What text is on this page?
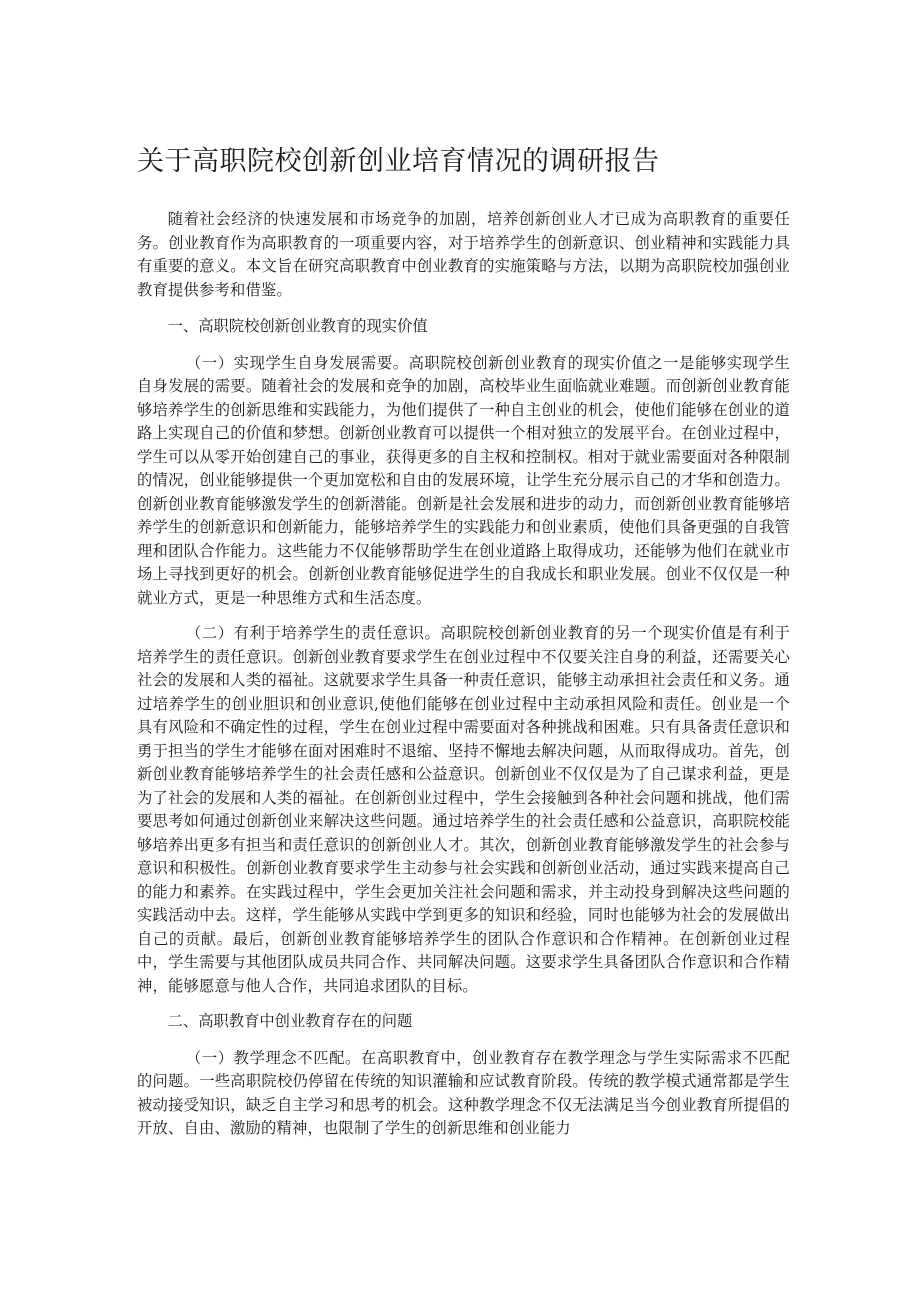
关于高职院校创新创业培育情况的调研报告

随着社会经济的快速发展和市场竞争的加剧，培养创新创业人才已成为高职教育的重要任务。创业教育作为高职教育的一项重要内容，对于培养学生的创新意识、创业精神和实践能力具有重要的意义。本文旨在研究高职教育中创业教育的实施策略与方法，以期为高职院校加强创业教育提供参考和借鉴。

一、高职院校创新创业教育的现实价值

（一）实现学生自身发展需要。高职院校创新创业教育的现实价值之一是能够实现学生自身发展的需要。随着社会的发展和竞争的加剧，高校毕业生面临就业难题。而创新创业教育能够培养学生的创新思维和实践能力，为他们提供了一种自主创业的机会，使他们能够在创业的道路上实现自己的价值和梦想。创新创业教育可以提供一个相对独立的发展平台。在创业过程中，学生可以从零开始创建自己的事业，获得更多的自主权和控制权。相对于就业需要面对各种限制的情况，创业能够提供一个更加宽松和自由的发展环境，让学生充分展示自己的才华和创造力。创新创业教育能够激发学生的创新潜能。创新是社会发展和进步的动力，而创新创业教育能够培养学生的创新意识和创新能力，能够培养学生的实践能力和创业素质，使他们具备更强的自我管理和团队合作能力。这些能力不仅能够帮助学生在创业道路上取得成功，还能够为他们在就业市场上寻找到更好的机会。创新创业教育能够促进学生的自我成长和职业发展。创业不仅仅是一种就业方式，更是一种思维方式和生活态度。

（二）有利于培养学生的责任意识。高职院校创新创业教育的另一个现实价值是有利于培养学生的责任意识。创新创业教育要求学生在创业过程中不仅要关注自身的利益，还需要关心社会的发展和人类的福祉。这就要求学生具备一种责任意识，能够主动承担社会责任和义务。通过培养学生的创业胆识和创业意识,使他们能够在创业过程中主动承担风险和责任。创业是一个具有风险和不确定性的过程，学生在创业过程中需要面对各种挑战和困难。只有具备责任意识和勇于担当的学生才能够在面对困难时不退缩、坚持不懈地去解决问题，从而取得成功。首先，创新创业教育能够培养学生的社会责任感和公益意识。创新创业不仅仅是为了自己谋求利益，更是为了社会的发展和人类的福祉。在创新创业过程中，学生会接触到各种社会问题和挑战，他们需要思考如何通过创新创业来解决这些问题。通过培养学生的社会责任感和公益意识，高职院校能够培养出更多有担当和责任意识的创新创业人才。其次，创新创业教育能够激发学生的社会参与意识和积极性。创新创业教育要求学生主动参与社会实践和创新创业活动，通过实践来提高自己的能力和素养。在实践过程中，学生会更加关注社会问题和需求，并主动投身到解决这些问题的实践活动中去。这样，学生能够从实践中学到更多的知识和经验，同时也能够为社会的发展做出自己的贡献。最后，创新创业教育能够培养学生的团队合作意识和合作精神。在创新创业过程中，学生需要与其他团队成员共同合作、共同解决问题。这要求学生具备团队合作意识和合作精神，能够愿意与他人合作，共同追求团队的目标。

二、高职教育中创业教育存在的问题

（一）教学理念不匹配。在高职教育中，创业教育存在教学理念与学生实际需求不匹配的问题。一些高职院校仍停留在传统的知识灌输和应试教育阶段。传统的教学模式通常都是学生被动接受知识，缺乏自主学习和思考的机会。这种教学理念不仅无法满足当今创业教育所提倡的开放、自由、激励的精神，也限制了学生的创新思维和创业能力
